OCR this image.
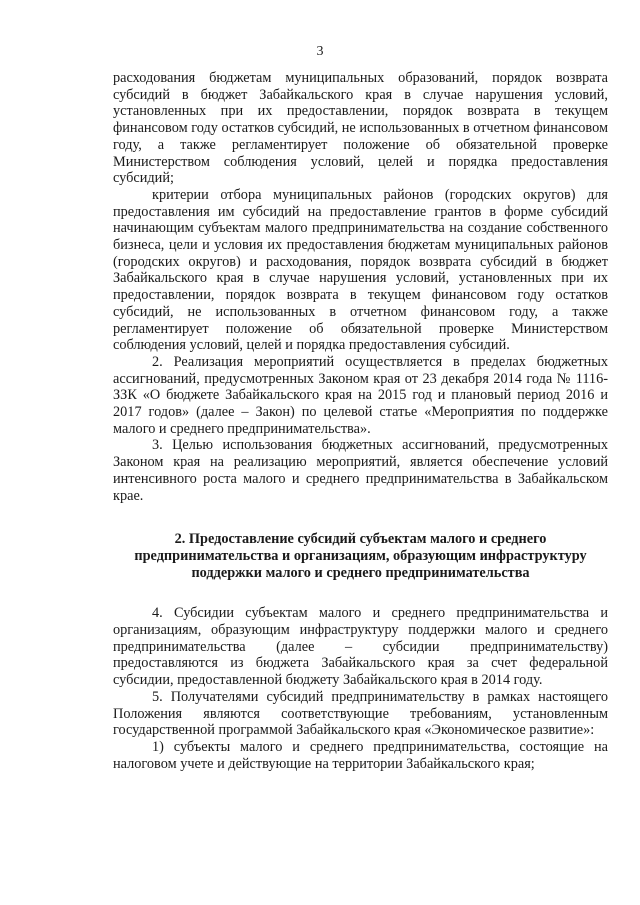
3

расходования бюджетам муниципальных образований, порядок возврата субсидий в бюджет Забайкальского края в случае нарушения условий, установленных при их предоставлении, порядок возврата в текущем финансовом году остатков субсидий, не использованных в отчетном финансовом году, а также регламентирует положение об обязательной проверке Министерством соблюдения условий, целей и порядка предоставления субсидий;

критерии отбора муниципальных районов (городских округов) для предоставления им субсидий на предоставление грантов в форме субсидий начинающим субъектам малого предпринимательства на создание собственного бизнеса, цели и условия их предоставления бюджетам муниципальных районов (городских округов) и расходования, порядок возврата субсидий в бюджет Забайкальского края в случае нарушения условий, установленных при их предоставлении, порядок возврата в текущем финансовом году остатков субсидий, не использованных в отчетном финансовом году, а также регламентирует положение об обязательной проверке Министерством соблюдения условий, целей и порядка предоставления субсидий.

2. Реализация мероприятий осуществляется в пределах бюджетных ассигнований, предусмотренных Законом края от 23 декабря 2014 года № 1116-ЗЗК «О бюджете Забайкальского края на 2015 год и плановый период 2016 и 2017 годов» (далее – Закон) по целевой статье «Мероприятия по поддержке малого и среднего предпринимательства».

3. Целью использования бюджетных ассигнований, предусмотренных Законом края на реализацию мероприятий, является обеспечение условий интенсивного роста малого и среднего предпринимательства в Забайкальском крае.

2. Предоставление субсидий субъектам малого и среднего предпринимательства и организациям, образующим инфраструктуру поддержки малого и среднего предпринимательства

4. Субсидии субъектам малого и среднего предпринимательства и организациям, образующим инфраструктуру поддержки малого и среднего предпринимательства (далее – субсидии предпринимательству) предоставляются из бюджета Забайкальского края за счет федеральной субсидии, предоставленной бюджету Забайкальского края в 2014 году.

5. Получателями субсидий предпринимательству в рамках настоящего Положения являются соответствующие требованиям, установленным государственной программой Забайкальского края «Экономическое развитие»:

1) субъекты малого и среднего предпринимательства, состоящие на налоговом учете и действующие на территории Забайкальского края;
